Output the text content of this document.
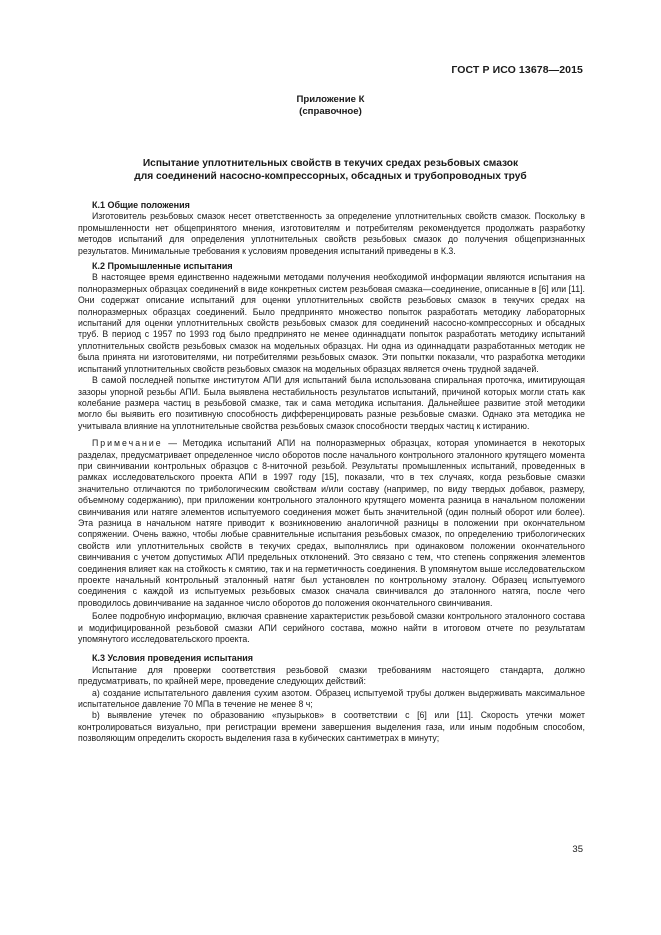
ГОСТ Р ИСО 13678—2015
Приложение К
(справочное)
Испытание уплотнительных свойств в текучих средах резьбовых смазок
для соединений насосно-компрессорных, обсадных и трубопроводных труб
К.1 Общие положения

Изготовитель резьбовых смазок несет ответственность за определение уплотнительных свойств смазок. Поскольку в промышленности нет общепринятого мнения, изготовителям и потребителям рекомендуется продолжать разработку методов испытаний для определения уплотнительных свойств резьбовых смазок до получения общепризнанных результатов. Минимальные требования к условиям проведения испытаний приведены в К.3.

К.2 Промышленные испытания

В настоящее время единственно надежными методами получения необходимой информации являются испытания на полноразмерных образцах соединений в виде конкретных систем резьбовая смазка—соединение, описанные в [6] или [11]. Они содержат описание испытаний для оценки уплотнительных свойств резьбовых смазок в текучих средах на полноразмерных образцах соединений. Было предпринято множество попыток разработать методику лабораторных испытаний для оценки уплотнительных свойств резьбовых смазок для соединений насосно-компрессорных и обсадных труб. В период с 1957 по 1993 год было предпринято не менее одиннадцати попыток разработать методику испытаний уплотнительных свойств резьбовых смазок на модельных образцах. Ни одна из одиннадцати разработанных методик не была принята ни изготовителями, ни потребителями резьбовых смазок. Эти попытки показали, что разработка методики испытаний уплотнительных свойств резьбовых смазок на модельных образцах является очень трудной задачей.

В самой последней попытке институтом АПИ для испытаний была использована спиральная проточка, имитирующая зазоры упорной резьбы АПИ. Была выявлена нестабильность результатов испытаний, причиной которых могли стать как колебание размера частиц в резьбовой смазке, так и сама методика испытания. Дальнейшее развитие этой методики могло бы выявить его позитивную способность дифференцировать разные резьбовые смазки. Однако эта методика не учитывала влияние на уплотнительные свойства резьбовых смазок способности твердых частиц к истиранию.

Примечание — Методика испытаний АПИ на полноразмерных образцах, которая упоминается в некоторых разделах, предусматривает определенное число оборотов после начального контрольного эталонного крутящего момента при свинчивании контрольных образцов с 8-ниточной резьбой. Результаты промышленных испытаний, проведенных в рамках исследовательского проекта АПИ в 1997 году [15], показали, что в тех случаях, когда резьбовые смазки значительно отличаются по трибологическим свойствам и/или составу (например, по виду твердых добавок, размеру, объемному содержанию), при приложении контрольного эталонного крутящего момента разница в начальном положении свинчивания или натяге элементов испытуемого соединения может быть значительной (один полный оборот или более). Эта разница в начальном натяге приводит к возникновению аналогичной разницы в положении при окончательном сопряжении. Очень важно, чтобы любые сравнительные испытания резьбовых смазок, по определению трибологических свойств или уплотнительных свойств в текучих средах, выполнялись при одинаковом положении окончательного свинчивания с учетом допустимых АПИ предельных отклонений. Это связано с тем, что степень сопряжения элементов соединения влияет как на стойкость к смятию, так и на герметичность соединения. В упомянутом выше исследовательском проекте начальный контрольный эталонный натяг был установлен по контрольному эталону. Образец испытуемого соединения с каждой из испытуемых резьбовых смазок сначала свинчивался до эталонного натяга, после чего проводилось довинчивание на заданное число оборотов до положения окончательного свинчивания.

Более подробную информацию, включая сравнение характеристик резьбовой смазки контрольного эталонного состава и модифицированной резьбовой смазки АПИ серийного состава, можно найти в итоговом отчете по результатам упомянутого исследовательского проекта.

К.3 Условия проведения испытания

Испытание для проверки соответствия резьбовой смазки требованиям настоящего стандарта, должно предусматривать, по крайней мере, проведение следующих действий:

а) создание испытательного давления сухим азотом. Образец испытуемой трубы должен выдерживать максимальное испытательное давление 70 МПа в течение не менее 8 ч;

b) выявление утечек по образованию «пузырьков» в соответствии с [6] или [11]. Скорость утечки может контролироваться визуально, при регистрации времени завершения выделения газа, или иным подобным способом, позволяющим определить скорость выделения газа в кубических сантиметрах в минуту;

35
